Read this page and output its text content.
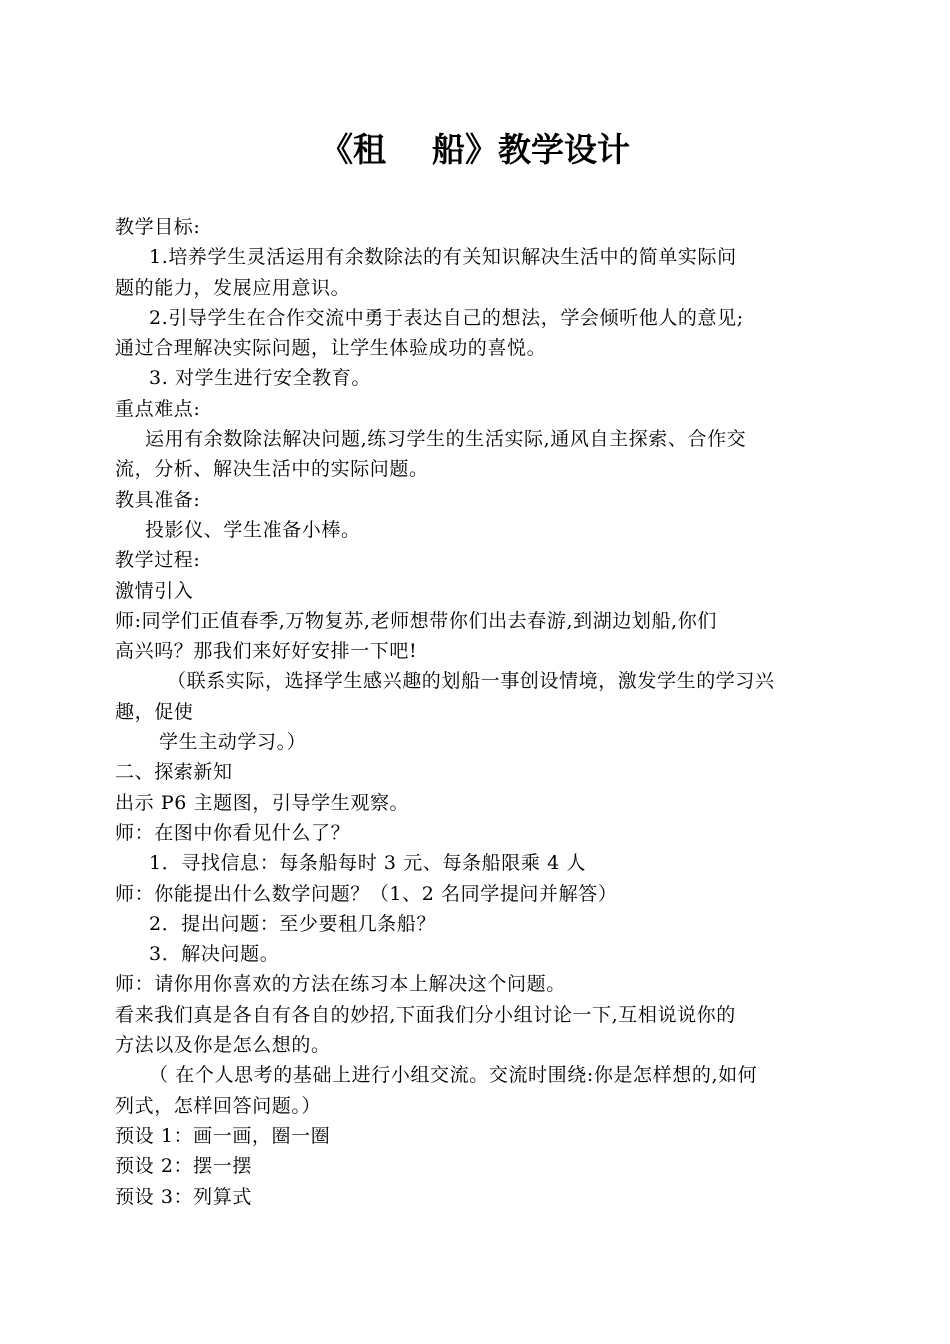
《租    船》教学设计
教学目标:
1.培养学生灵活运用有余数除法的有关知识解决生活中的简单实际问
题的能力，发展应用意识。
2.引导学生在合作交流中勇于表达自己的想法，学会倾听他人的意见;
通过合理解决实际问题，让学生体验成功的喜悦。
3. 对学生进行安全教育。
重点难点:
运用有余数除法解决问题,练习学生的生活实际,通风自主探索、合作交
流，分析、解决生活中的实际问题。
教具准备:
投影仪、学生准备小棒。
教学过程:
激情引入
师:同学们正值春季,万物复苏,老师想带你们出去春游,到湖边划船,你们
高兴吗？那我们来好好安排一下吧!
（联系实际，选择学生感兴趣的划船一事创设情境，激发学生的学习兴
趣，促使
学生主动学习。）
二、探索新知
出示 P6 主题图，引导学生观察。
师：在图中你看见什么了？
1．寻找信息：每条船每时 3 元、每条船限乘 4 人
师：你能提出什么数学问题？（1、2 名同学提问并解答）
2．提出问题：至少要租几条船？
3．解决问题。
师：请你用你喜欢的方法在练习本上解决这个问题。
看来我们真是各自有各自的妙招,下面我们分小组讨论一下,互相说说你的
方法以及你是怎么想的。
（ 在个人思考的基础上进行小组交流。交流时围绕:你是怎样想的,如何
列式，怎样回答问题。）
预设 1：画一画，圈一圈
预设 2：摆一摆
预设 3：列算式
